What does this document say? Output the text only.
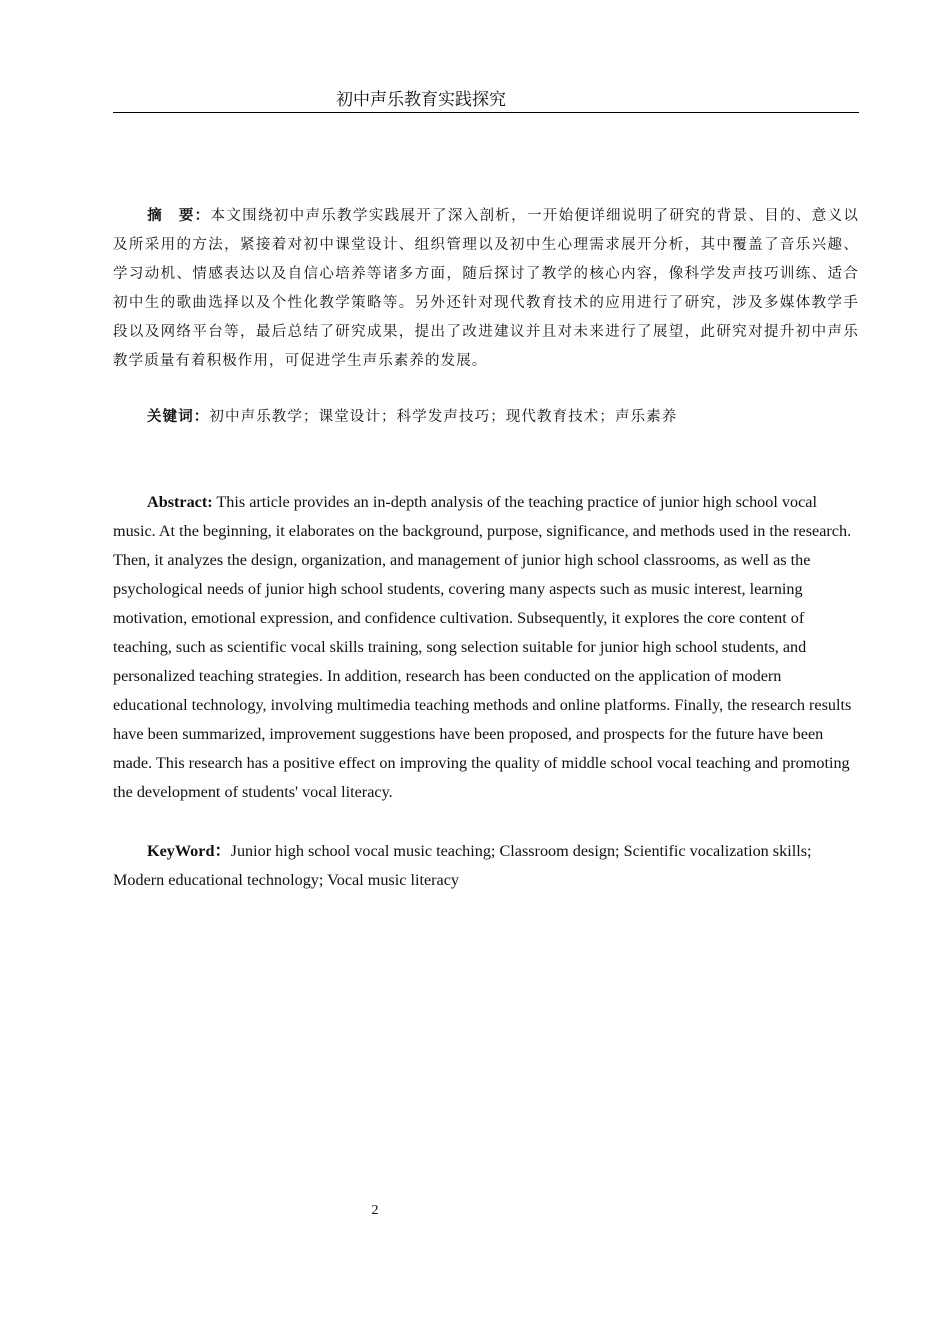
初中声乐教育实践探究
摘　要：本文围绕初中声乐教学实践展开了深入剖析，一开始便详细说明了研究的背景、目的、意义以及所采用的方法，紧接着对初中课堂设计、组织管理以及初中生心理需求展开分析，其中覆盖了音乐兴趣、学习动机、情感表达以及自信心培养等诸多方面，随后探讨了教学的核心内容，像科学发声技巧训练、适合初中生的歌曲选择以及个性化教学策略等。另外还针对现代教育技术的应用进行了研究，涉及多媒体教学手段以及网络平台等，最后总结了研究成果，提出了改进建议并且对未来进行了展望，此研究对提升初中声乐教学质量有着积极作用，可促进学生声乐素养的发展。
关键词：初中声乐教学；课堂设计；科学发声技巧；现代教育技术；声乐素养
Abstract: This article provides an in-depth analysis of the teaching practice of junior high school vocal music. At the beginning, it elaborates on the background, purpose, significance, and methods used in the research. Then, it analyzes the design, organization, and management of junior high school classrooms, as well as the psychological needs of junior high school students, covering many aspects such as music interest, learning motivation, emotional expression, and confidence cultivation. Subsequently, it explores the core content of teaching, such as scientific vocal skills training, song selection suitable for junior high school students, and personalized teaching strategies. In addition, research has been conducted on the application of modern educational technology, involving multimedia teaching methods and online platforms. Finally, the research results have been summarized, improvement suggestions have been proposed, and prospects for the future have been made. This research has a positive effect on improving the quality of middle school vocal teaching and promoting the development of students' vocal literacy.
KeyWord：Junior high school vocal music teaching; Classroom design; Scientific vocalization skills; Modern educational technology; Vocal music literacy
2
